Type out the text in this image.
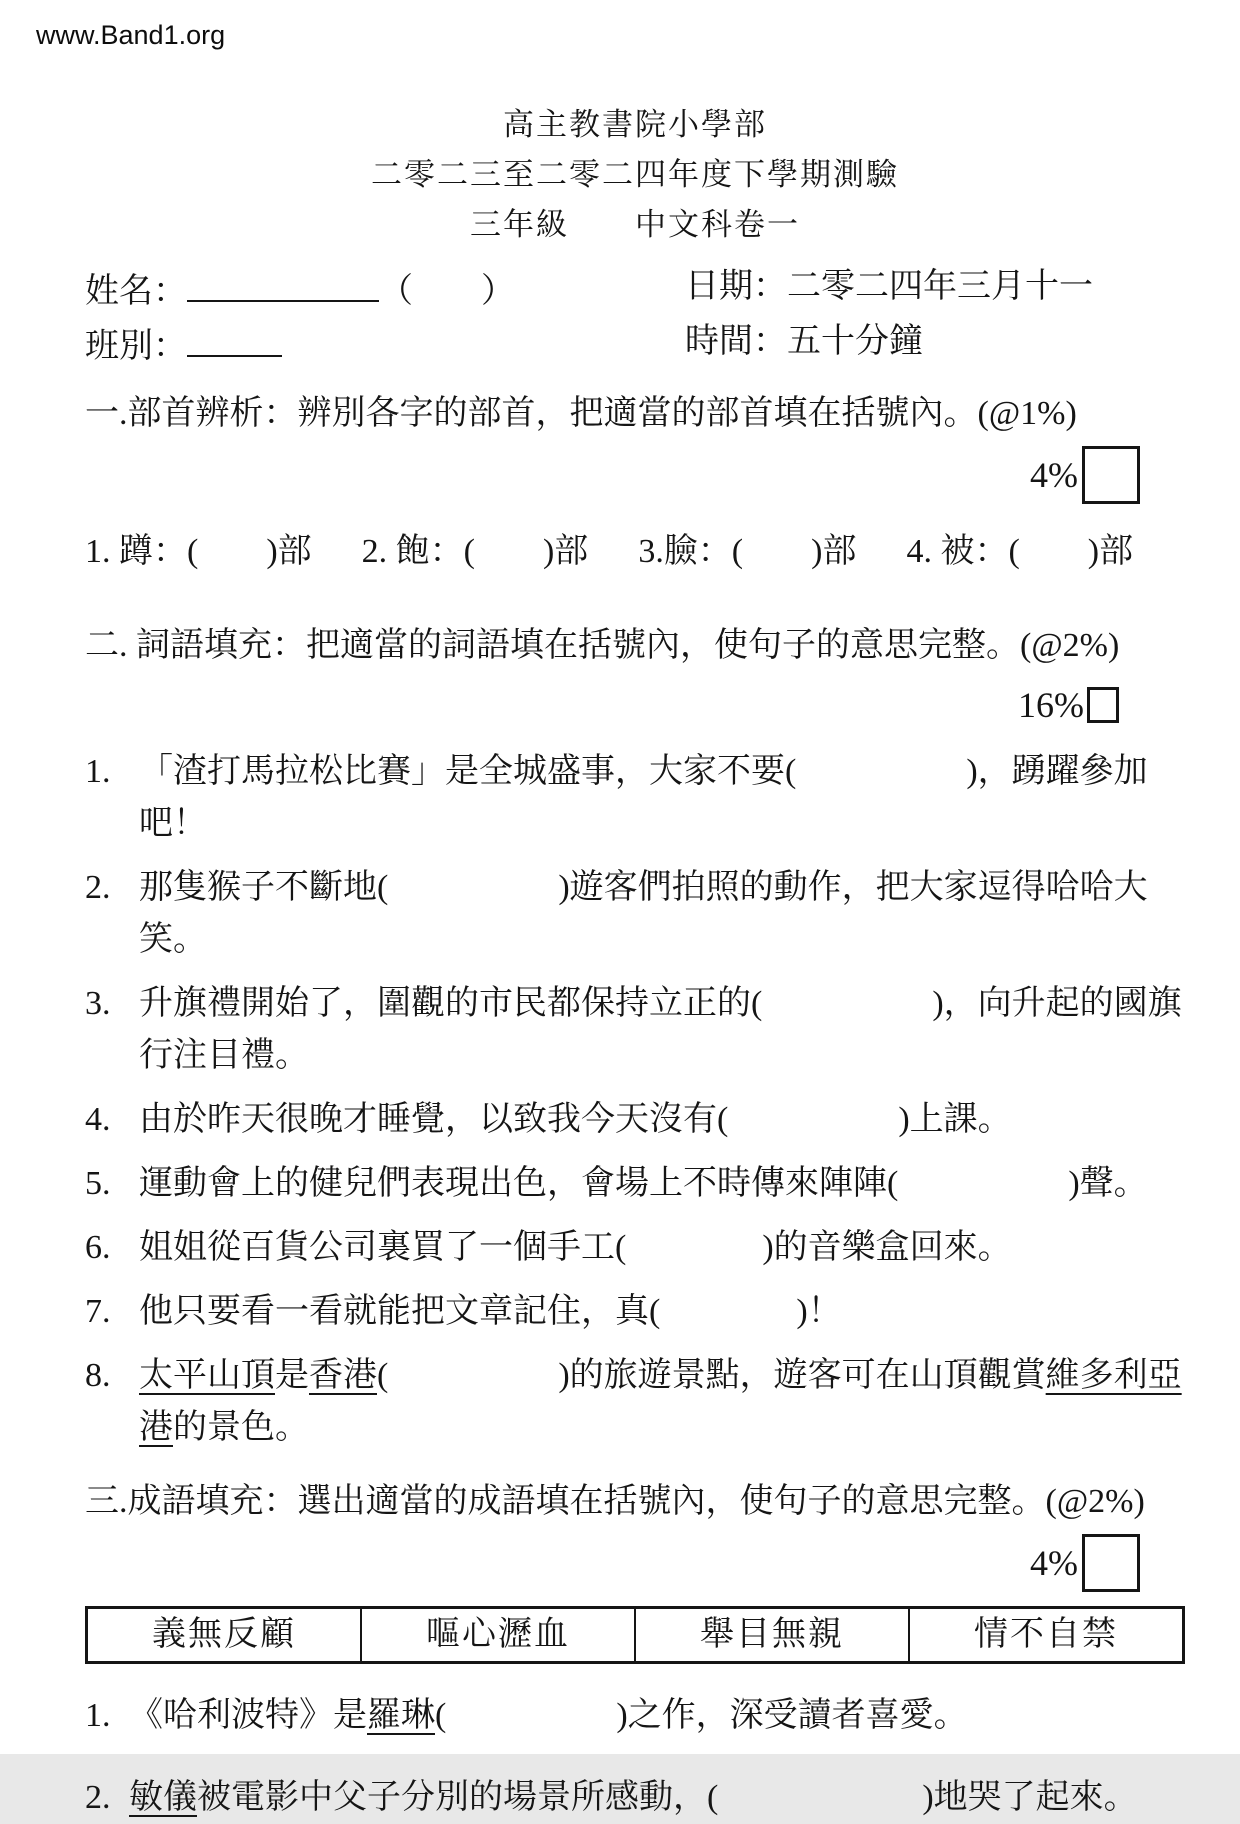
www.Band1.org
高主教書院小學部
二零二三至二零二四年度下學期測驗
三年級　　中文科卷一
姓名：	（　　）	日期：二零二四年三月十一
班別：	時間：五十分鐘
一.部首辨析：辨別各字的部首，把適當的部首填在括號內。(@1%)
4%
1. 蹲：(　　)部 2. 飽：(　　)部 3.臉：(　　)部 4. 被：(　　)部
二. 詞語填充：把適當的詞語填在括號內，使句子的意思完整。(@2%)
16%
1. 「渣打馬拉松比賽」是全城盛事，大家不要(　　　　　)，踴躍參加吧！
2. 那隻猴子不斷地(　　　　　)遊客們拍照的動作，把大家逗得哈哈大笑。
3. 升旗禮開始了，圍觀的市民都保持立正的(　　　　　)，向升起的國旗行注目禮。
4. 由於昨天很晚才睡覺，以致我今天沒有(　　　　　)上課。
5. 運動會上的健兒們表現出色，會場上不時傳來陣陣(　　　　　)聲。
6. 姐姐從百貨公司裏買了一個手工(　　　　)的音樂盒回來。
7. 他只要看一看就能把文章記住，真(　　　　)！
8. 太平山頂是香港(　　　　　)的旅遊景點，遊客可在山頂觀賞維多利亞港的景色。
三.成語填充：選出適當的成語填在括號內，使句子的意思完整。(@2%)
4%
義無反顧	嘔心瀝血	舉目無親	情不自禁
1. 《哈利波特》是羅琳(　　　　　)之作，深受讀者喜愛。
2. 敏儀被電影中父子分別的場景所感動，(　　　　　　)地哭了起來。
